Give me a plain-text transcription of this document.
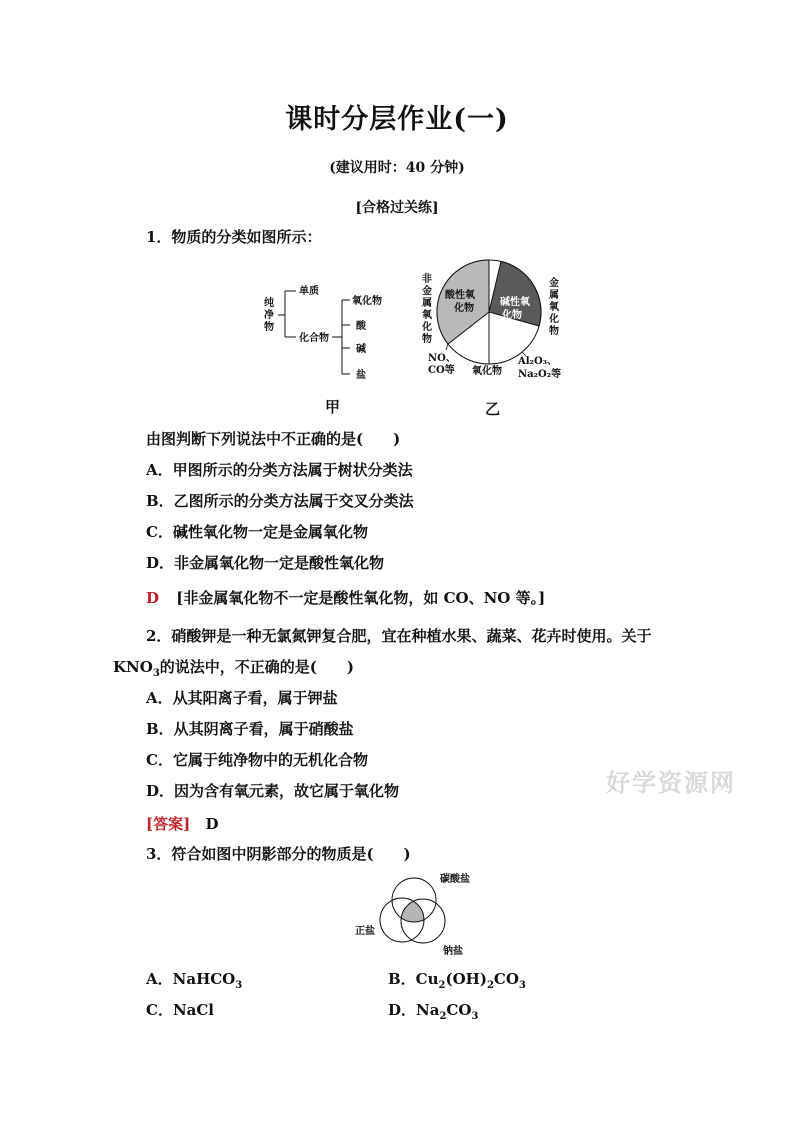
课时分层作业(一)
(建议用时：40 分钟)
[合格过关练]
1．物质的分类如图所示：
纯
净
物
单质
化合物
氧化物
酸
碱
盐
非
金
属
氧
化
物
金
属
氧
化
物
酸性氧
化物
碱性氧
化物
NO、
CO等 氧化物
Al₂O₃、
Na₂O₂等
甲	乙
由图判断下列说法中不正确的是(　　)
A．甲图所示的分类方法属于树状分类法
B．乙图所示的分类方法属于交叉分类法
C．碱性氧化物一定是金属氧化物
D．非金属氧化物一定是酸性氧化物
D [非金属氧化物不一定是酸性氧化物，如 CO、NO 等。]
2．硝酸钾是一种无氯氮钾复合肥，宜在种植水果、蔬菜、花卉时使用。关于
$KNO_3$的说法中，不正确的是(　　)
A．从其阳离子看，属于钾盐
B．从其阴离子看，属于硝酸盐
C．它属于纯净物中的无机化合物
D．因为含有氧元素，故它属于氧化物
[答案] D
好学资源网
3．符合如图中阴影部分的物质是(　　)
碳酸盐
正盐
钠盐
A．NaHCO$_3$	B．$Cu_2(OH)_2CO_3$
C．NaCl	D．$Na_2CO_3$
